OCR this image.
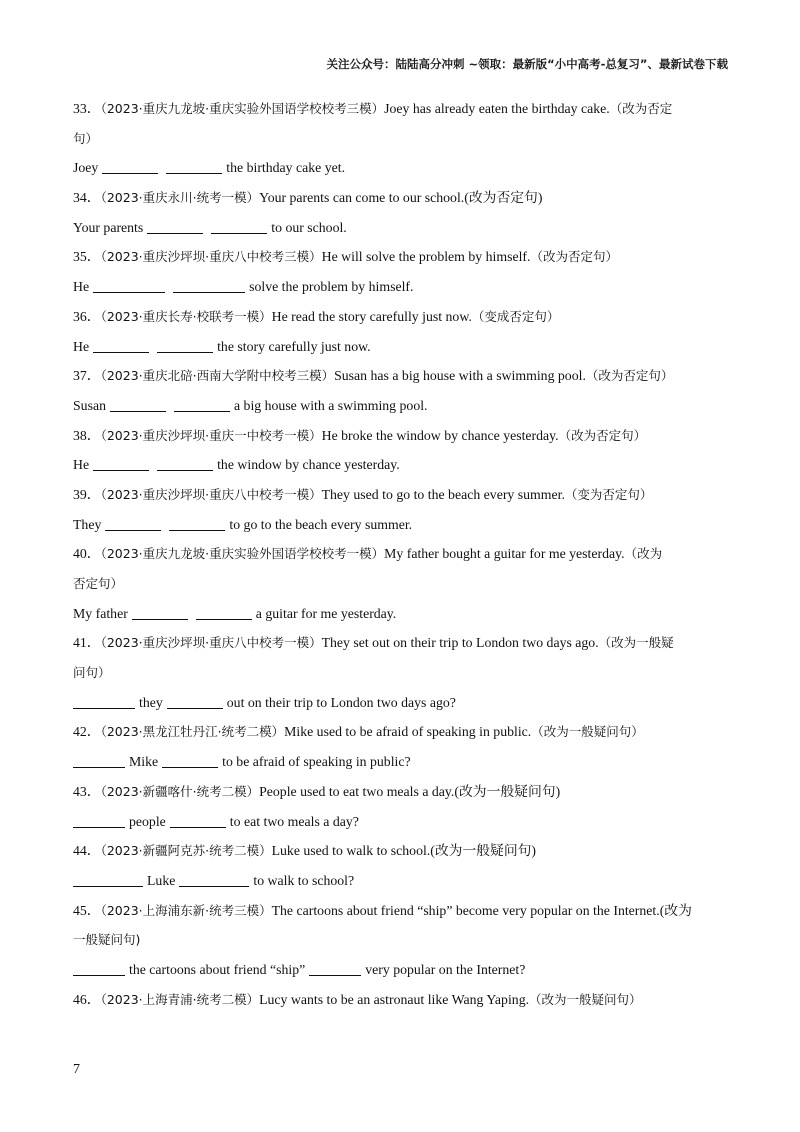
关注公众号：陆陆高分冲刺 ~领取：最新版“小中高考-总复习”、最新试卷下载
33．（2023·重庆九龙坡·重庆实验外国语学校校考三模）Joey has already eaten the birthday cake.（改为否定
句）
Joey	the birthday cake yet.
34．（2023·重庆永川·统考一模）Your parents can come to our school.(改为否定句)
Your parents	to our school.
35．（2023·重庆沙坪坝·重庆八中校考三模）He will solve the problem by himself.（改为否定句）
He	solve the problem by himself.
36．（2023·重庆长寿·校联考一模）He read the story carefully just now.（变成否定句）
He	the story carefully just now.
37．（2023·重庆北碚·西南大学附中校考三模）Susan has a big house with a swimming pool.（改为否定句）
Susan	a big house with a swimming pool.
38．（2023·重庆沙坪坝·重庆一中校考一模）He broke the window by chance yesterday.（改为否定句）
He	the window by chance yesterday.
39．（2023·重庆沙坪坝·重庆八中校考一模）They used to go to the beach every summer.（变为否定句）
They	to go to the beach every summer.
40．（2023·重庆九龙坡·重庆实验外国语学校校考一模）My father bought a guitar for me yesterday.（改为
否定句）
My father	a guitar for me yesterday.
41．（2023·重庆沙坪坝·重庆八中校考一模）They set out on their trip to London two days ago.（改为一般疑
问句）
they	out on their trip to London two days ago?
42．（2023·黑龙江牡丹江·统考二模）Mike used to be afraid of speaking in public.（改为一般疑问句）
Mike	to be afraid of speaking in public?
43．（2023·新疆喀什·统考二模）People used to eat two meals a day.(改为一般疑问句)
people	to eat two meals a day?
44．（2023·新疆阿克苏·统考二模）Luke used to walk to school.(改为一般疑问句)
Luke	to walk to school?
45．（2023·上海浦东新·统考三模）The cartoons about friend “ship” become very popular on the Internet.(改为
一般疑问句)
the cartoons about friend “ship”	very popular on the Internet?
46．（2023·上海青浦·统考二模）Lucy wants to be an astronaut like Wang Yaping.（改为一般疑问句）
7
